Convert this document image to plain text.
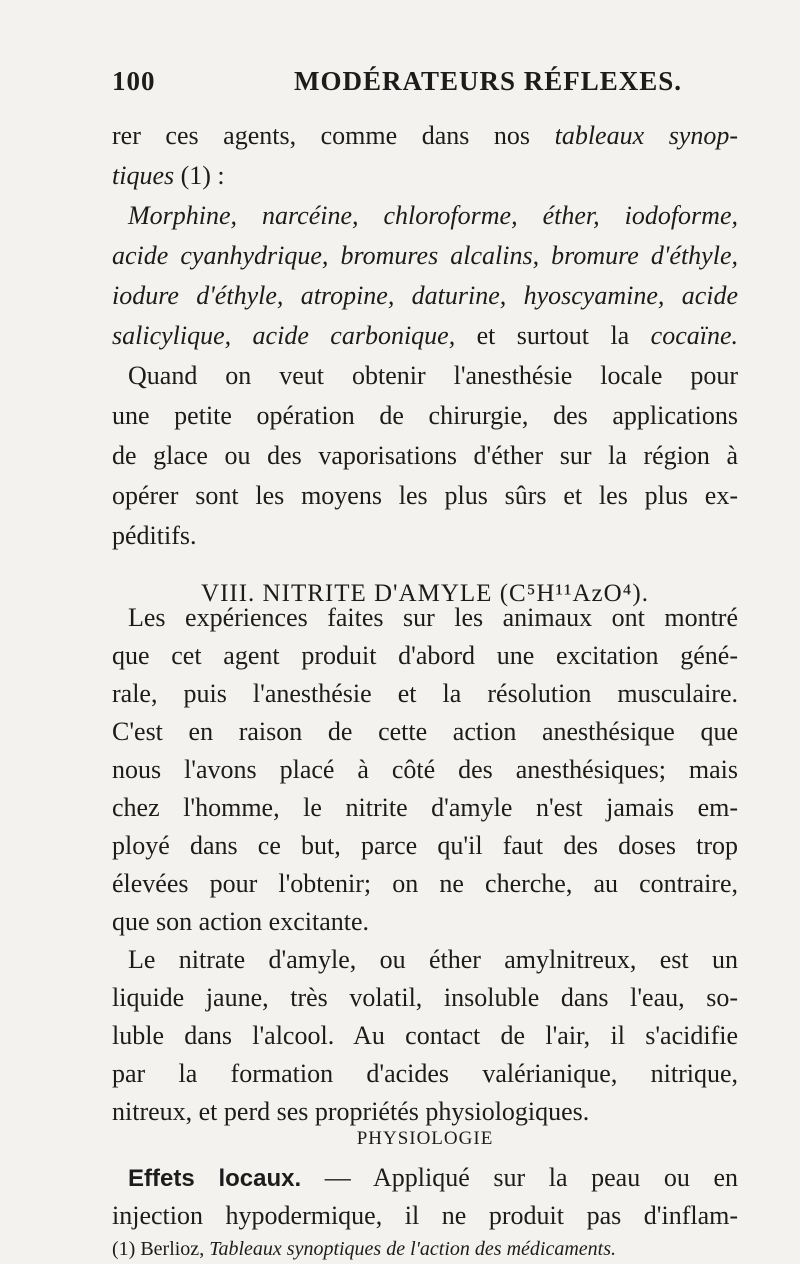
100	MODÉRATEURS RÉFLEXES.
rer ces agents, comme dans nos tableaux synop-
tiques (1) :
Morphine, narcéine, chloroforme, éther, iodoforme,
acide cyanhydrique, bromures alcalins, bromure d'éthyle,
iodure d'éthyle, atropine, daturine, hyoscyamine, acide
salicylique, acide carbonique, et surtout la cocaïne.
Quand on veut obtenir l'anesthésie locale pour
une petite opération de chirurgie, des applications
de glace ou des vaporisations d'éther sur la région à
opérer sont les moyens les plus sûrs et les plus ex-
péditifs.
VIII. NITRITE D'AMYLE (C⁵H¹¹AzO⁴).
Les expériences faites sur les animaux ont montré
que cet agent produit d'abord une excitation géné-
rale, puis l'anesthésie et la résolution musculaire.
C'est en raison de cette action anesthésique que
nous l'avons placé à côté des anesthésiques; mais
chez l'homme, le nitrite d'amyle n'est jamais em-
ployé dans ce but, parce qu'il faut des doses trop
élevées pour l'obtenir; on ne cherche, au contraire,
que son action excitante.
Le nitrate d'amyle, ou éther amylnitreux, est un
liquide jaune, très volatil, insoluble dans l'eau, so-
luble dans l'alcool. Au contact de l'air, il s'acidifie
par la formation d'acides valérianique, nitrique,
nitreux, et perd ses propriétés physiologiques.
PHYSIOLOGIE
Effets locaux. — Appliqué sur la peau ou en
injection hypodermique, il ne produit pas d'inflam-
(1) Berlioz, Tableaux synoptiques de l'action des médicaments.
